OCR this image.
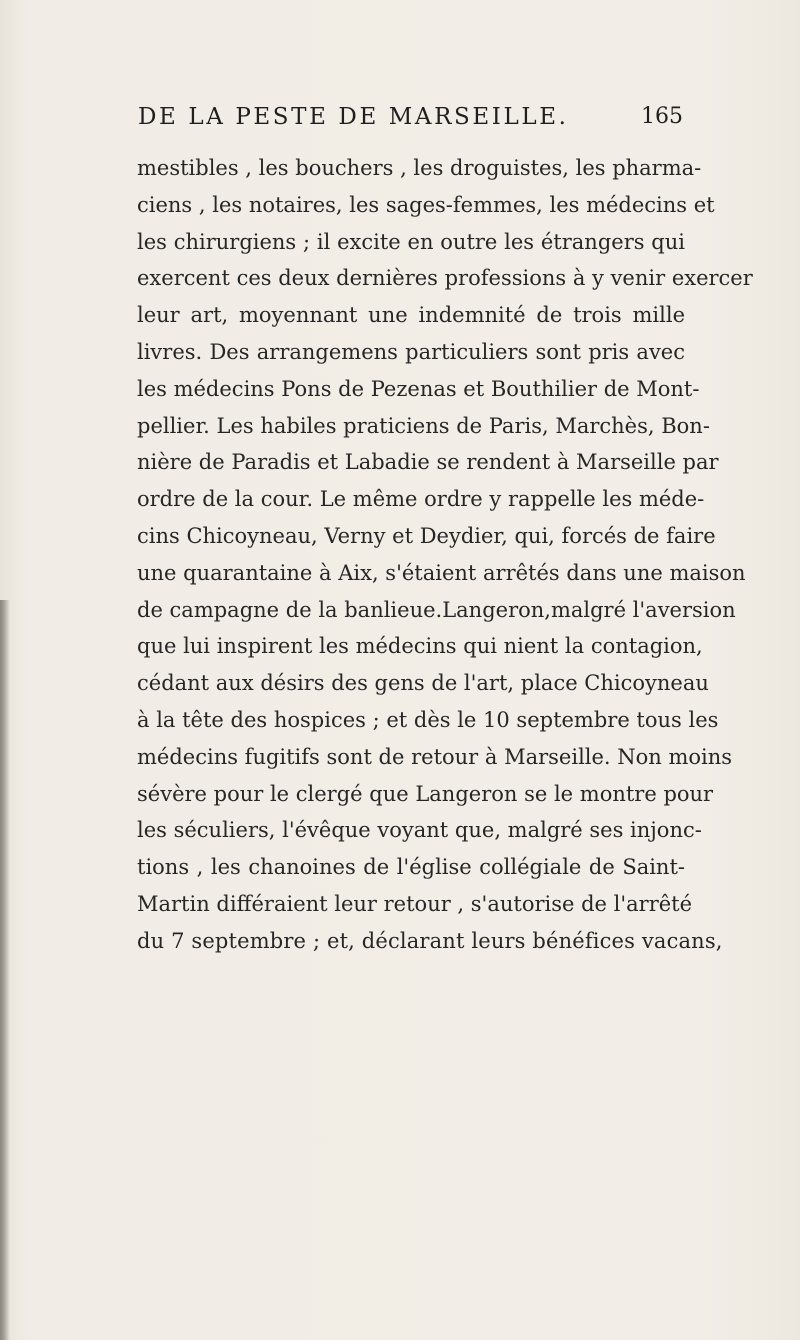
DE LA PESTE DE MARSEILLE.	165
mestibles , les bouchers , les droguistes, les pharma-
ciens , les notaires, les sages-femmes, les médecins et
les chirurgiens ; il excite en outre les étrangers qui
exercent ces deux dernières professions à y venir exercer
leur art, moyennant une indemnité de trois mille
livres. Des arrangemens particuliers sont pris avec
les médecins Pons de Pezenas et Bouthilier de Mont-
pellier. Les habiles praticiens de Paris, Marchès, Bon-
nière de Paradis et Labadie se rendent à Marseille par
ordre de la cour. Le même ordre y rappelle les méde-
cins Chicoyneau, Verny et Deydier, qui, forcés de faire
une quarantaine à Aix, s'étaient arrêtés dans une maison
de campagne de la banlieue.Langeron,malgré l'aversion
que lui inspirent les médecins qui nient la contagion,
cédant aux désirs des gens de l'art, place Chicoyneau
à la tête des hospices ; et dès le 10 septembre tous les
médecins fugitifs sont de retour à Marseille. Non moins
sévère pour le clergé que Langeron se le montre pour
les séculiers, l'évêque voyant que, malgré ses injonc-
tions , les chanoines de l'église collégiale de Saint-
Martin différaient leur retour , s'autorise de l'arrêté
du 7 septembre ; et, déclarant leurs bénéfices vacans,
